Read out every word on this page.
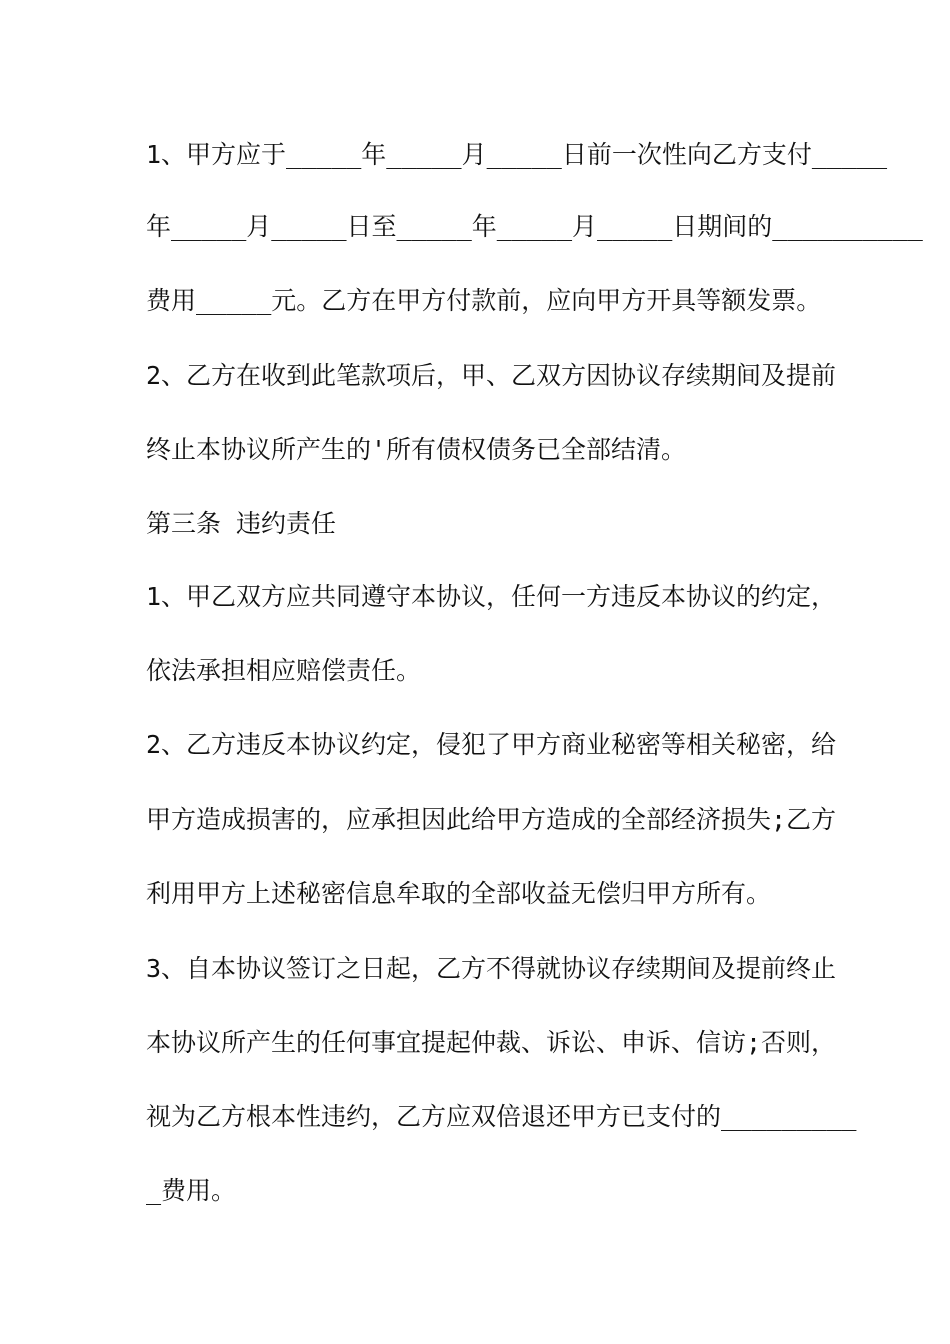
1、甲方应于_____年_____月_____日前一次性向乙方支付_____
年_____月_____日至_____年_____月_____日期间的__________
费用_____元。乙方在甲方付款前，应向甲方开具等额发票。
2、乙方在收到此笔款项后，甲、乙双方因协议存续期间及提前
终止本协议所产生的'所有债权债务已全部结清。
第三条 违约责任
1、甲乙双方应共同遵守本协议，任何一方违反本协议的约定，
依法承担相应赔偿责任。
2、乙方违反本协议约定，侵犯了甲方商业秘密等相关秘密，给
甲方造成损害的，应承担因此给甲方造成的全部经济损失;乙方
利用甲方上述秘密信息牟取的全部收益无偿归甲方所有。
3、自本协议签订之日起，乙方不得就协议存续期间及提前终止
本协议所产生的任何事宜提起仲裁、诉讼、申诉、信访;否则，
视为乙方根本性违约，乙方应双倍退还甲方已支付的_________
_费用。
